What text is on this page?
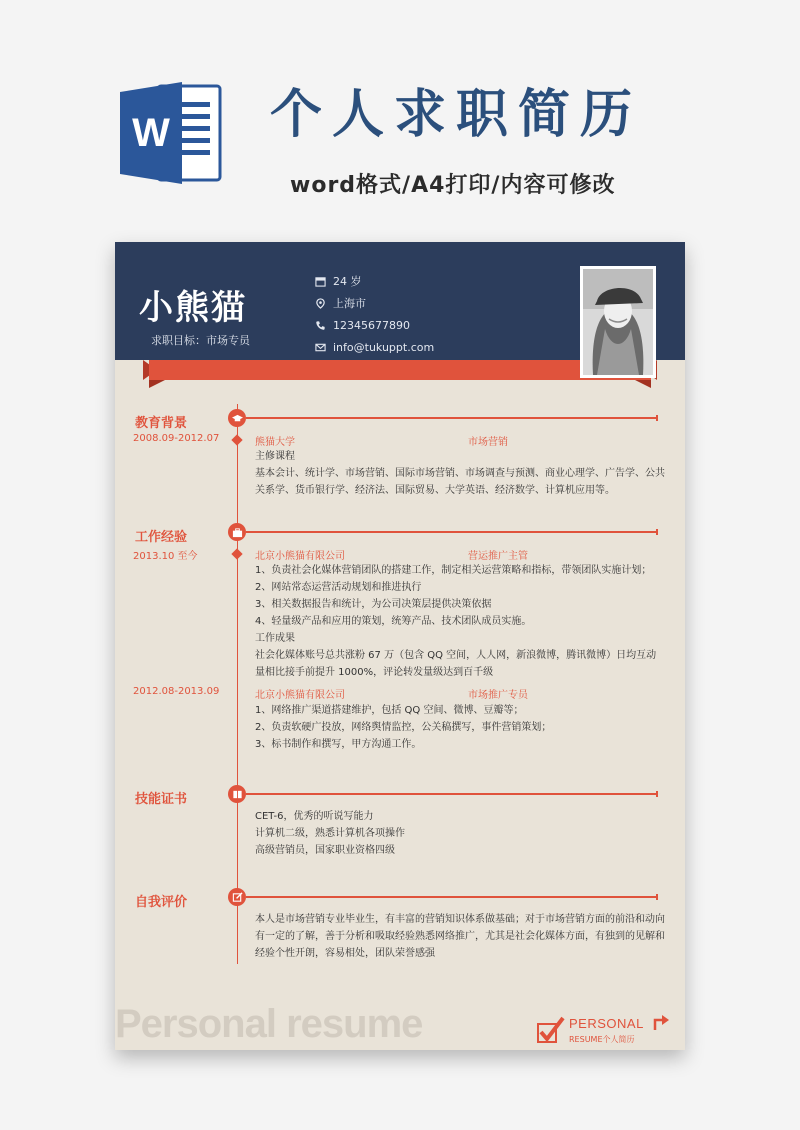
W 个人求职简历
word格式/A4打印/内容可修改
小熊猫
求职目标：市场专员
24 岁
上海市
12345677890
info@tukuppt.com
教育背景
2008.09-2012.07	熊猫大学	市场营销
主修课程
基本会计、统计学、市场营销、国际市场营销、市场调查与预测、商业心理学、广告学、公共关系学、货币银行学、经济法、国际贸易、大学英语、经济数学、计算机应用等。
工作经验
2013.10 至今	北京小熊猫有限公司	营运推广主管
1、负责社会化媒体营销团队的搭建工作，制定相关运营策略和指标，带领团队实施计划；
2、网站常态运营活动规划和推进执行
3、相关数据报告和统计，为公司决策层提供决策依据
4、轻量级产品和应用的策划，统筹产品、技术团队成员实施。
工作成果
社会化媒体账号总共涨粉 67 万（包含 QQ 空间，人人网，新浪微博，腾讯微博）日均互动量相比接手前提升 1000%，评论转发量级达到百千级
2012.08-2013.09	北京小熊猫有限公司	市场推广专员
1、网络推广渠道搭建维护，包括 QQ 空间、微博、豆瓣等；
2、负责软硬广投放，网络舆情监控，公关稿撰写，事件营销策划；
3、标书制作和撰写，甲方沟通工作。
技能证书
CET-6，优秀的听说写能力
计算机二级，熟悉计算机各项操作
高级营销员，国家职业资格四级
自我评价
本人是市场营销专业毕业生，有丰富的营销知识体系做基础；对于市场营销方面的前沿和动向有一定的了解，善于分析和吸取经验熟悉网络推广，尤其是社会化媒体方面，有独到的见解和经验个性开朗，容易相处，团队荣誉感强
Personal resume	PERSONAL
RESUME个人简历
